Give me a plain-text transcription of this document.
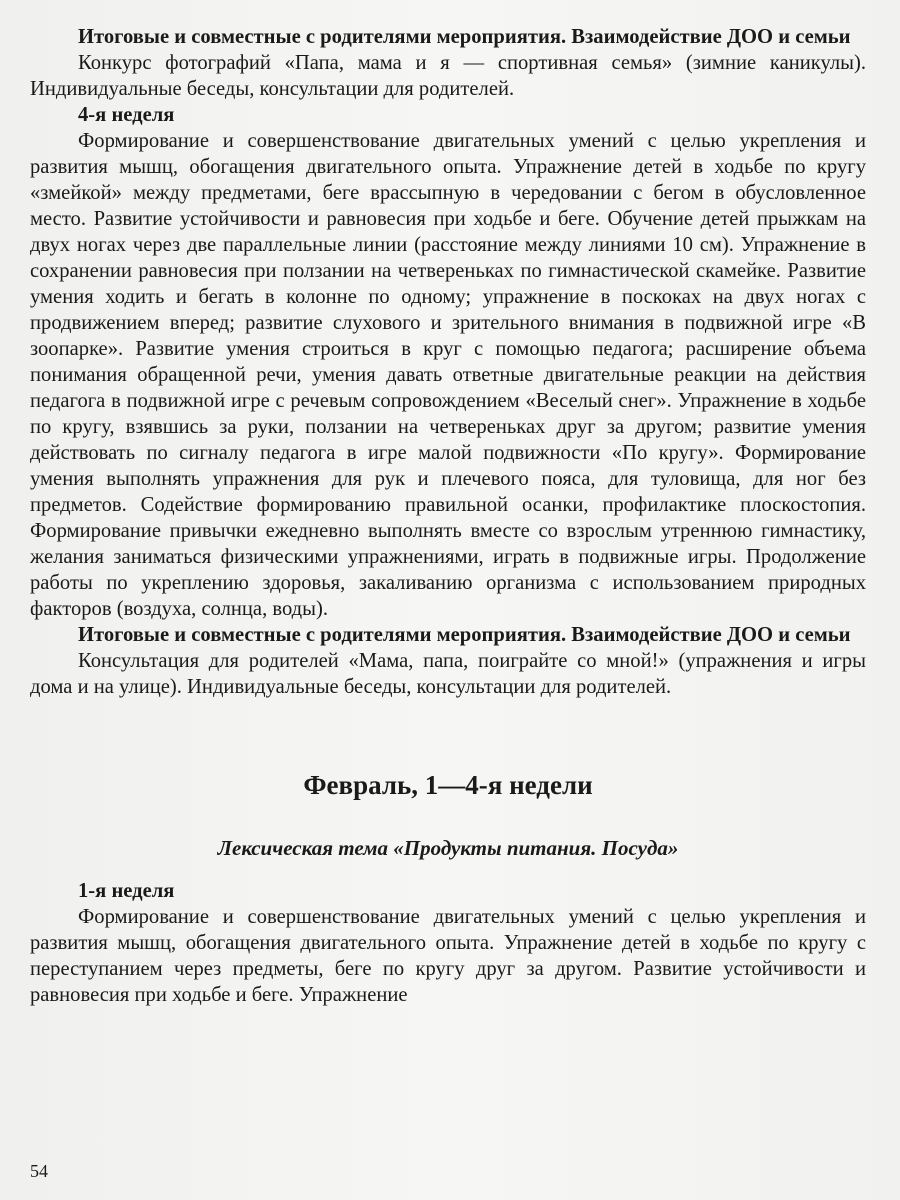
Итоговые и совместные с родителями мероприятия. Взаимодействие ДОО и семьи

Конкурс фотографий «Папа, мама и я — спортивная семья» (зимние каникулы). Индивидуальные беседы, консультации для родителей.

4-я неделя

Формирование и совершенствование двигательных умений с целью укрепления и развития мышц, обогащения двигательного опыта. Упражнение детей в ходьбе по кругу «змейкой» между предметами, беге врассыпную в чередовании с бегом в обусловленное место. Развитие устойчивости и равновесия при ходьбе и беге. Обучение детей прыжкам на двух ногах через две параллельные линии (расстояние между линиями 10 см). Упражнение в сохранении равновесия при ползании на четвереньках по гимнастической скамейке. Развитие умения ходить и бегать в колонне по одному; упражнение в поскоках на двух ногах с продвижением вперед; развитие слухового и зрительного внимания в подвижной игре «В зоопарке». Развитие умения строиться в круг с помощью педагога; расширение объема понимания обращенной речи, умения давать ответные двигательные реакции на действия педагога в подвижной игре с речевым сопровождением «Веселый снег». Упражнение в ходьбе по кругу, взявшись за руки, ползании на четвереньках друг за другом; развитие умения действовать по сигналу педагога в игре малой подвижности «По кругу». Формирование умения выполнять упражнения для рук и плечевого пояса, для туловища, для ног без предметов. Содействие формированию правильной осанки, профилактике плоскостопия. Формирование привычки ежедневно выполнять вместе со взрослым утреннюю гимнастику, желания заниматься физическими упражнениями, играть в подвижные игры. Продолжение работы по укреплению здоровья, закаливанию организма с использованием природных факторов (воздуха, солнца, воды).

Итоговые и совместные с родителями мероприятия. Взаимодействие ДОО и семьи

Консультация для родителей «Мама, папа, поиграйте со мной!» (упражнения и игры дома и на улице). Индивидуальные беседы, консультации для родителей.

Февраль, 1—4-я недели

Лексическая тема «Продукты питания. Посуда»

1-я неделя

Формирование и совершенствование двигательных умений с целью укрепления и развития мышц, обогащения двигательного опыта. Упражнение детей в ходьбе по кругу с переступанием через предметы, беге по кругу друг за другом. Развитие устойчивости и равновесия при ходьбе и беге. Упражнение

54
